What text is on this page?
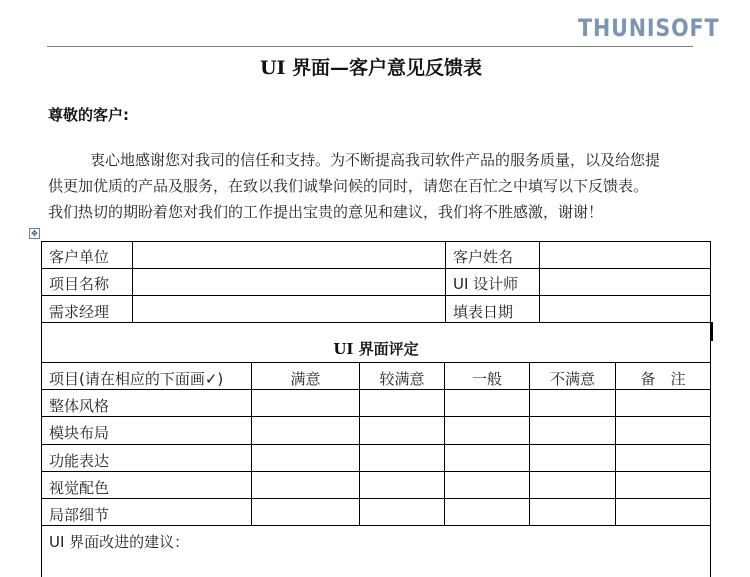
THUNISOFT
UI 界面—客户意见反馈表
尊敬的客户:
衷心地感谢您对我司的信任和支持。为不断提高我司软件产品的服务质量，以及给您提
供更加优质的产品及服务，在致以我们诚挚问候的同时，请您在百忙之中填写以下反馈表。
我们热切的期盼着您对我们的工作提出宝贵的意见和建议，我们将不胜感激，谢谢！
✥
客户单位	客户姓名
项目名称	UI 设计师
需求经理	填表日期
UI 界面评定
项目(请在相应的下面画✓)	满意	较满意	一般	不满意	备　注
整体风格
模块布局
功能表达
视觉配色
局部细节
UI 界面改进的建议：
